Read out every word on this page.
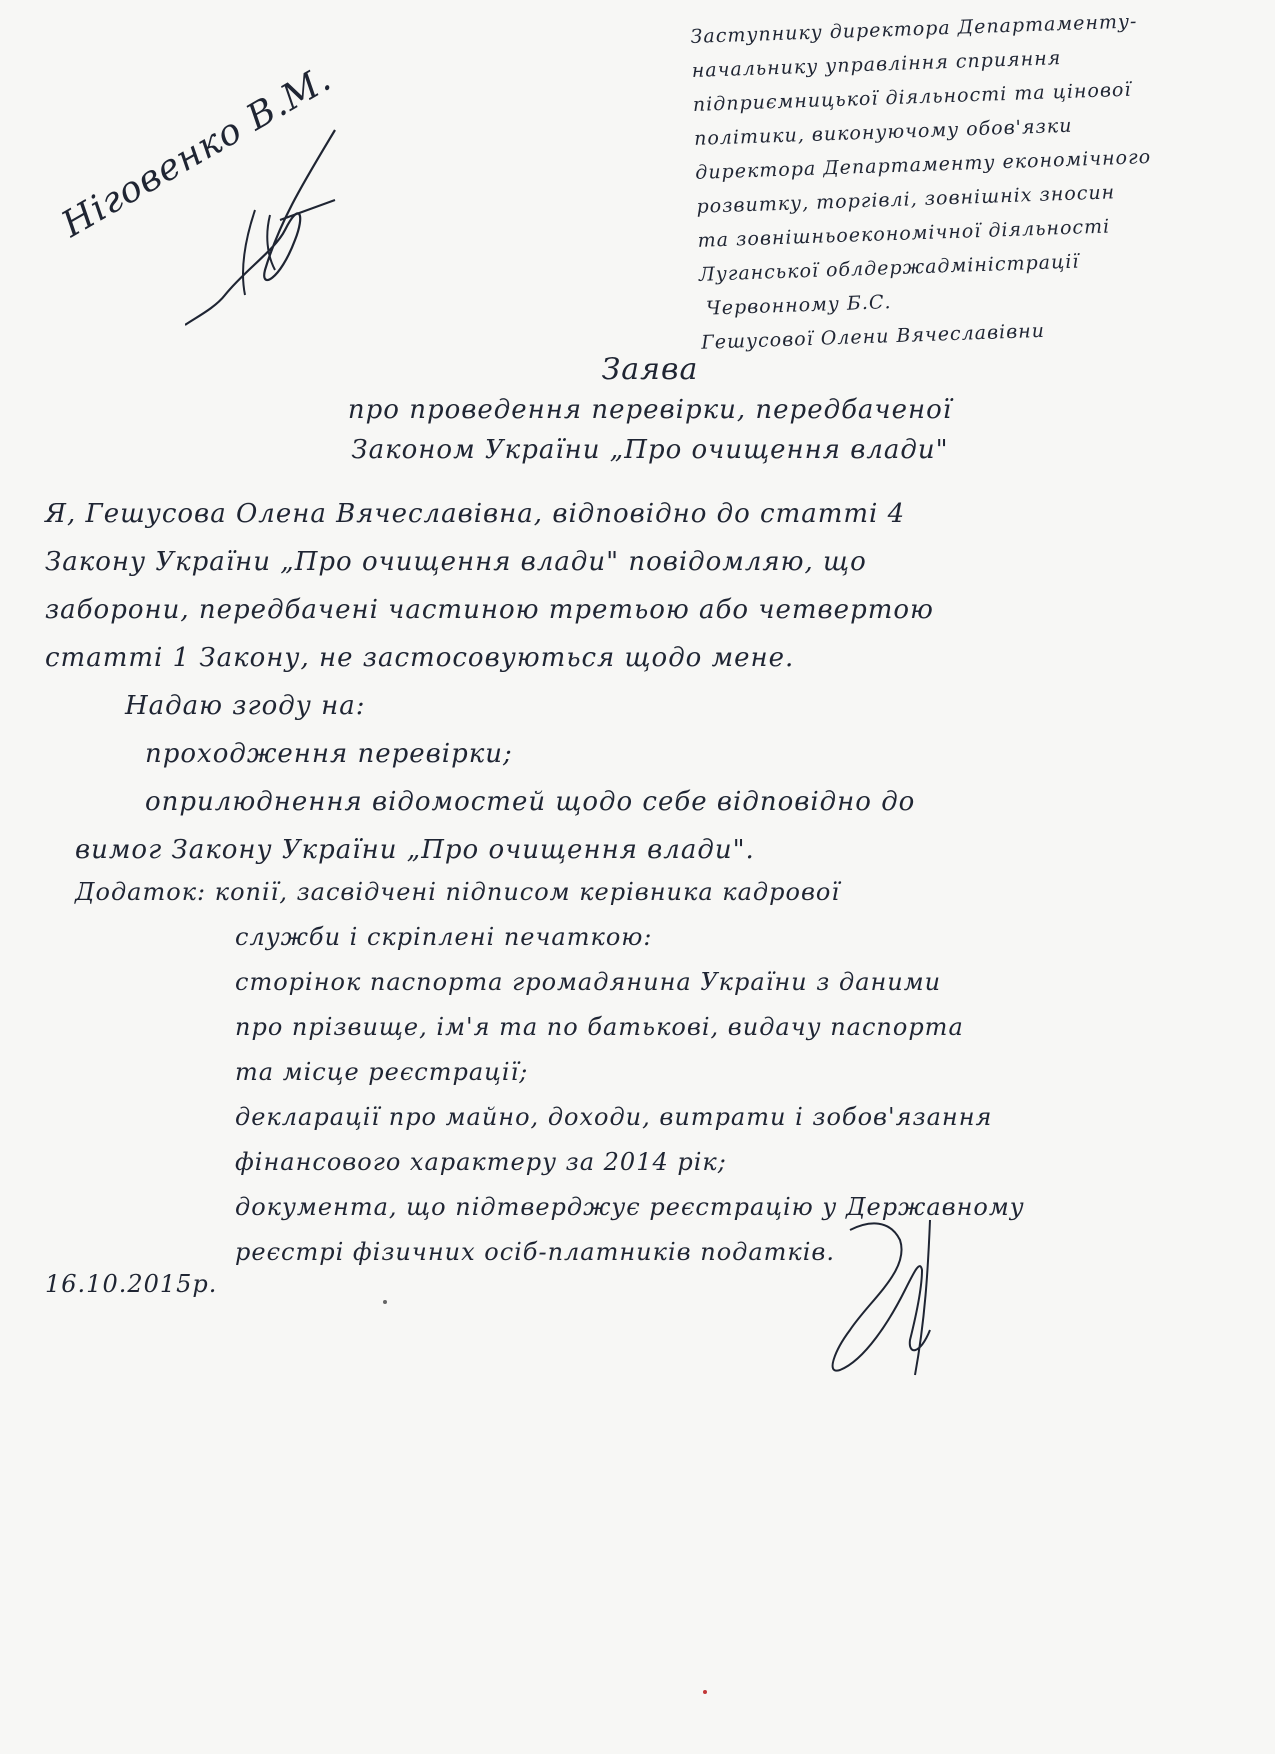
Заступнику директора Департаменту-
начальнику управління сприяння
підприємницької діяльності та цінової
політики, виконуючому обов'язки
директора Департаменту економічного
розвитку, торгівлі, зовнішніх зносин
та зовнішньоекономічної діяльності
Луганської облдержадміністрації
Червонному Б.С.
Гешусової Олени Вячеславівни
Ніговенко В.М.
Заява
про проведення перевірки, передбаченої
Законом України „Про очищення влади"
Я, Гешусова Олена Вячеславівна, відповідно до статті 4
Закону України „Про очищення влади" повідомляю, що
заборони, передбачені частиною третьою або четвертою
статті 1 Закону, не застосовуються щодо мене.
Надаю згоду на:
проходження перевірки;
оприлюднення відомостей щодо себе відповідно до
вимог Закону України „Про очищення влади".
Додаток: копії, засвідчені підписом керівника кадрової
служби і скріплені печаткою:
сторінок паспорта громадянина України з даними
про прізвище, ім'я та по батькові, видачу паспорта
та місце реєстрації;
декларації про майно, доходи, витрати і зобов'язання
фінансового характеру за 2014 рік;
документа, що підтверджує реєстрацію у Державному
реєстрі фізичних осіб-платників податків.
16.10.2015р.
